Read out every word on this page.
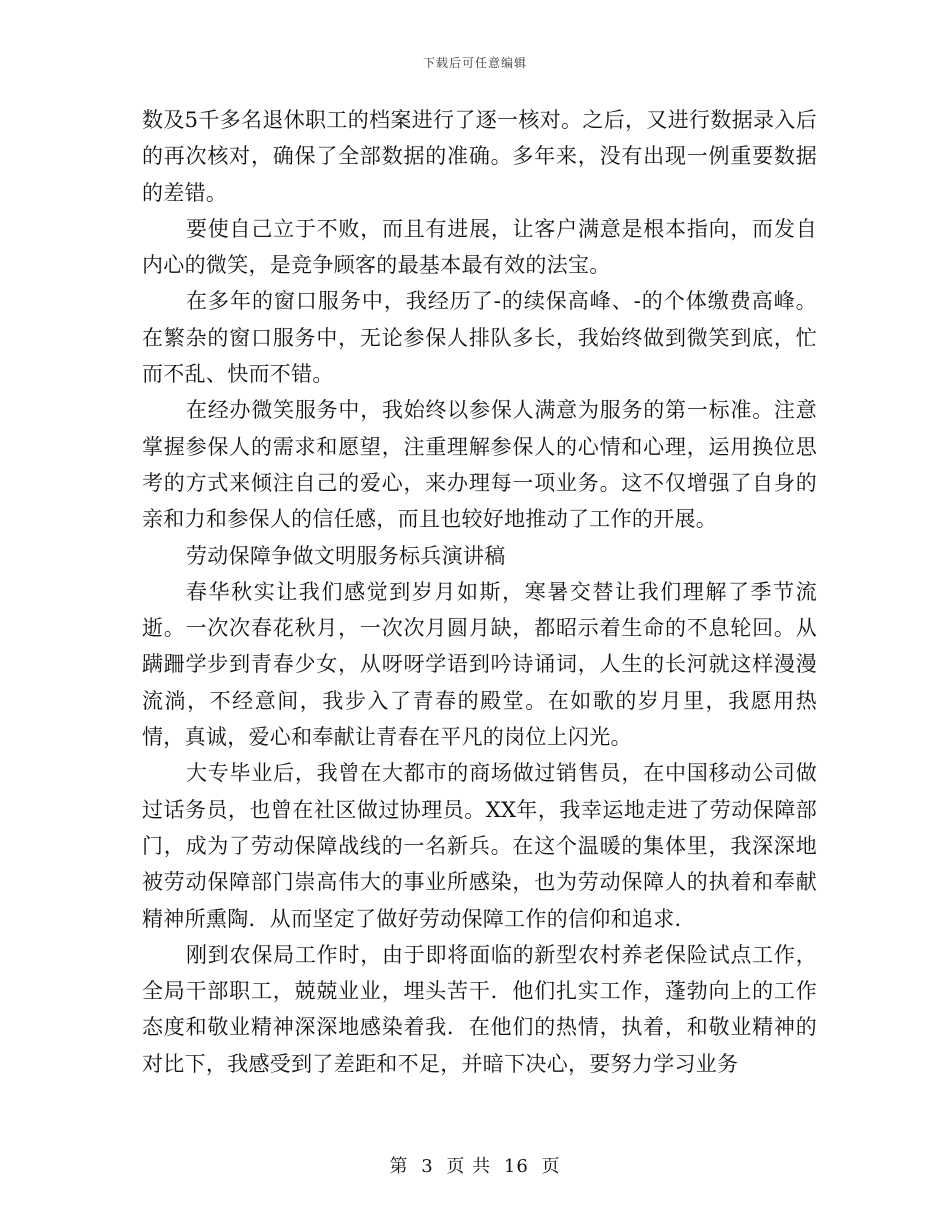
下载后可任意编辑

数及5千多名退休职工的档案进行了逐一核对。之后，又进行数据录入后的再次核对，确保了全部数据的准确。多年来，没有出现一例重要数据的差错。

要使自己立于不败，而且有进展，让客户满意是根本指向，而发自内心的微笑，是竞争顾客的最基本最有效的法宝。

在多年的窗口服务中，我经历了-的续保高峰、-的个体缴费高峰。在繁杂的窗口服务中，无论参保人排队多长，我始终做到微笑到底，忙而不乱、快而不错。

在经办微笑服务中，我始终以参保人满意为服务的第一标准。注意掌握参保人的需求和愿望，注重理解参保人的心情和心理，运用换位思考的方式来倾注自己的爱心，来办理每一项业务。这不仅增强了自身的亲和力和参保人的信任感，而且也较好地推动了工作的开展。

劳动保障争做文明服务标兵演讲稿

春华秋实让我们感觉到岁月如斯，寒暑交替让我们理解了季节流逝。一次次春花秋月，一次次月圆月缺，都昭示着生命的不息轮回。从蹒跚学步到青春少女，从呀呀学语到吟诗诵词，人生的长河就这样漫漫流淌，不经意间，我步入了青春的殿堂。在如歌的岁月里，我愿用热情，真诚，爱心和奉献让青春在平凡的岗位上闪光。

大专毕业后，我曾在大都市的商场做过销售员，在中国移动公司做过话务员，也曾在社区做过协理员。XX年，我幸运地走进了劳动保障部门，成为了劳动保障战线的一名新兵。在这个温暖的集体里，我深深地被劳动保障部门崇高伟大的事业所感染，也为劳动保障人的执着和奉献精神所熏陶．从而坚定了做好劳动保障工作的信仰和追求．

刚到农保局工作时，由于即将面临的新型农村养老保险试点工作，全局干部职工，兢兢业业，埋头苦干．他们扎实工作，蓬勃向上的工作态度和敬业精神深深地感染着我．在他们的热情，执着，和敬业精神的对比下，我感受到了差距和不足，并暗下决心，要努力学习业务

第 3 页 共 16 页
